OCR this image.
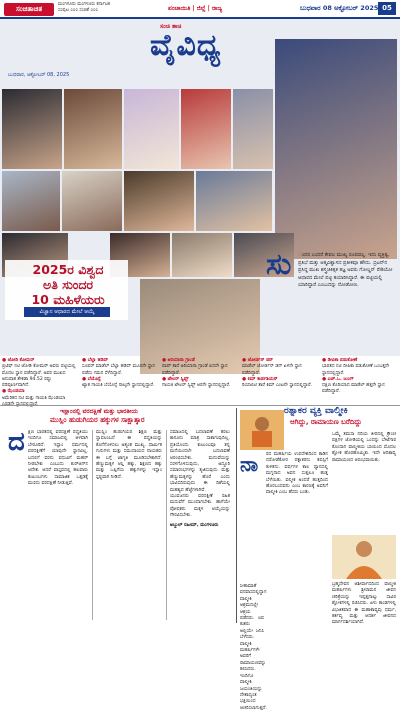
ಸಂಚಿತಾಚಿತ
ಮಂಗಳೂರು ಮಂಗಳೂರು ಕರ್ನಾಟಕ
ಸಂಪುಟ ೦೦೦ ಸಂಚಿಕೆ ೦೦೦	ಪಂಚಾಯಿತಿ | ಜಿಲ್ಲೆ | ರಾಜ್ಯ	ಬುಧವಾರ 08 ಅಕ್ಟೋಬರ್ 2025 05
ಸಂಚಿ ತಾಚಿ
ವೈವಿಧ್ಯ
ಬುಧವಾರ, ಅಕ್ಟೋಬರ್ 08, 2025
2025ರ ವಿಶ್ವದ
ಅತಿ ಸುಂದರ
10 ಮಹಿಳೆಯರು
ವಿಜ್ಞಾನ ಆಧಾರದ ಮೇಲೆ ಆಯ್ಕೆ
ಸು ಂದರ ಎಂದರೆ ಕೇವಲ ಮುಖ್ಯ ರೂಪವಲ್ಲ. ಇದು ವ್ಯಕ್ತಿತ್ವ, ಪ್ರತಿಭೆ ಮತ್ತು ಆತ್ಮವಿಶ್ವಾಸದ ಪ್ರತೀಕವೂ ಹೌದು. ಬ್ರಿಟನ್‌ನ ಪ್ರಸಿದ್ಧ ಮುಖ ಶಸ್ತ್ರಚಿಕಿತ್ಸಕ ತಜ್ಞ ಅವರು ಗೋಲ್ಡನ್ ರೇಶಿಯೋ ಆಧಾರದ ಮೇಲೆ ಪಟ್ಟಿ ತಯಾರಿಸಿದ್ದಾರೆ. ಈ ಪಟ್ಟಿಯಲ್ಲಿ ಯಾರಿದ್ದಾರೆ ಎಂಬುದನ್ನು ನೋಡೋಣ.
● ಜೋಡಿ ಕೋಮರ್
ಬ್ರಿಟಿಷ್ ನಟಿ ಜೋಡಿ ಕೋಮರ್ ಅವರು ಪಟ್ಟಿಯಲ್ಲಿ ಮೊದಲ ಸ್ಥಾನ ಪಡೆದಿದ್ದಾರೆ. ಅವರ ಮುಖದ ಅನುಪಾತ ಶೇಕಡಾ 94.52 ರಷ್ಟು ಪರಿಪೂರ್ಣವಾಗಿದೆ.
● ಝೆಂಡಯಾ
ಅಮೆರಿಕದ ನಟಿ ಮತ್ತು ಗಾಯಕಿ ಝೆಂಡಯಾ
● ಬೆಲ್ಲಾ ಹಡಿದ್
ಸೂಪರ್ ಮಾಡೆಲ್ ಬೆಲ್ಲಾ ಹಡಿದ್ ಮೂರನೇ ಸ್ಥಾನ ಪಡೆದು ಗಮನ ಸೆಳೆದಿದ್ದಾರೆ.
● ಬೆಯೊನ್ಸೆ
ಖ್ಯಾತ ಗಾಯಕಿ ಬೆಯೊನ್ಸೆ ನಾಲ್ಕನೇ ಸ್ಥಾನದಲ್ಲಿದ್ದಾರೆ.
● ಅರಿಯಾನಾ ಗ್ರಾಂಡೆ
ಪಾಪ್ ತಾರೆ ಅರಿಯಾನಾ ಗ್ರಾಂಡೆ ಐದನೇ ಸ್ಥಾನ ಪಡೆದಿದ್ದಾರೆ.
● ಟೇಲರ್ ಸ್ವಿಫ್ಟ್
ಗಾಯಕಿ ಟೇಲರ್ ಸ್ವಿಫ್ಟ್ ಆರನೇ ಸ್ಥಾನದಲ್ಲಿದ್ದಾರೆ.
● ಜೋರ್ಡನ್ ಡನ್
ಮಾಡೆಲ್ ಜೋರ್ಡನ್ ಡನ್ ಏಳನೇ ಸ್ಥಾನ ಪಡೆದಿದ್ದಾರೆ.
● ಕಿಮ್ ಕಾರ್ಡಶಿಯನ್
ರಿಯಾಲಿಟಿ ತಾರೆ ಕಿಮ್ ಎಂಟನೇ ಸ್ಥಾನದಲ್ಲಿದ್ದಾರೆ.
● ಡೀಪಿಕಾ ಪಡುಕೋಣೆ
ಭಾರತದ ನಟಿ ದೀಪಿಕಾ ಪಡುಕೋಣೆ ಒಂಬತ್ತನೇ ಸ್ಥಾನದಲ್ಲಿದ್ದಾರೆ.
● ಎಚ್.ಒ. ಜುಂಗ್
ದಕ್ಷಿಣ ಕೊರಿಯಾದ ಮಾಡೆಲ್ ಹತ್ತನೇ ಸ್ಥಾನ ಪಡೆದಿದ್ದಾರೆ.
ಇಸ್ಲಾಂನಲ್ಲಿ ವರದಕ್ಷಿಣೆ ಮತ್ತು ಭಾರತೀಯ
ಮುಸ್ಲಿಂ ಹುಡುಗಿಯರ ಹಕ್ಕುಗಳ ಸಾಕ್ಷಾತ್ಕಾರ
ದ ಕ್ಷಿಣ ಭಾರತದಲ್ಲಿ ವರದಕ್ಷಿಣೆ ಪದ್ಧತಿಯು ಇಂದಿಗೂ ಸಮಾಜದಲ್ಲಿ ಆಳವಾಗಿ ಬೇರೂರಿದೆ. ಇಸ್ಲಾಂ ಧರ್ಮದಲ್ಲಿ ವರದಕ್ಷಿಣೆಗೆ ಯಾವುದೇ ಸ್ಥಾನವಿಲ್ಲ. ಬದಲಿಗೆ ವರನು ವಧುವಿಗೆ ಮಹರ್ ನೀಡಬೇಕು ಎಂಬುದು ಕುರ್‌ಆನ್‌ನ ಆದೇಶ. ಆದರೆ ವಾಸ್ತವದಲ್ಲಿ ಹಲವಾರು ಕುಟುಂಬಗಳು ಸಾಮಾಜಿಕ ಒತ್ತಡಕ್ಕೆ ಮಣಿದು ವರದಕ್ಷಿಣೆ ನೀಡುತ್ತಿವೆ.
ಮುಸ್ಲಿಂ ಹುಡುಗಿಯರ ಶಿಕ್ಷಣ ಮತ್ತು ಸ್ವಾವಲಂಬನೆ ಈ ಪದ್ಧತಿಯನ್ನು ಕೊನೆಗೊಳಿಸಲು ಅತ್ಯಂತ ಮುಖ್ಯ. ಧಾರ್ಮಿಕ ಗುರುಗಳು ಮತ್ತು ಸಮುದಾಯದ ನಾಯಕರು ಈ ಬಗ್ಗೆ ಜಾಗೃತಿ ಮೂಡಿಸಬೇಕಾಗಿದೆ. ಹೆಣ್ಣುಮಕ್ಕಳ ಆಸ್ತಿ ಹಕ್ಕು, ಶಿಕ್ಷಣದ ಹಕ್ಕು ಮತ್ತು ಒಪ್ಪಿಗೆಯ ಹಕ್ಕುಗಳನ್ನು ಇಸ್ಲಾಂ ಸ್ಪಷ್ಟವಾಗಿ ನೀಡಿದೆ.
ಸಮಾಜದಲ್ಲಿ ಬದಲಾವಣೆ ತರಲು ಕಾನೂನು ಮಾತ್ರ ಸಾಕಾಗುವುದಿಲ್ಲ. ಪ್ರತಿಯೊಂದು ಕುಟುಂಬವೂ ತನ್ನ ಮನೆಯಿಂದಲೇ ಬದಲಾವಣೆ ಆರಂಭಿಸಬೇಕು. ಮದುವೆಯನ್ನು ಸರಳಗೊಳಿಸುವುದು, ಅದ್ದೂರಿ ಸಮಾರಂಭಗಳನ್ನು ತ್ಯಜಿಸುವುದು ಮತ್ತು ಹೆಣ್ಣುಮಕ್ಕಳನ್ನು ಹೊರೆ ಎಂದು ಭಾವಿಸದಿರುವುದು ಈ ದಿಶೆಯಲ್ಲಿ ಮಹತ್ವದ ಹೆಜ್ಜೆಗಳಾಗಿವೆ.
ಯುವಜನರು ವರದಕ್ಷಿಣೆ ರಹಿತ ಮದುವೆಗೆ ಮುಂದಾಗಬೇಕು. ಹಾಗೆಯೇ ಪೋಷಕರು ಮಕ್ಕಳ ಆಯ್ಕೆಯನ್ನು ಗೌರವಿಸಬೇಕು.
ಅಬ್ದುಲ್ ರಹೀಮ್, ಮಂಗಳೂರು
ರತ್ನಾಕರ ವ್ಯಕ್ತಿ ವಾಲ್ಮೀಕಿ
ಆಗಿದ್ದು, ರಾಮಾಯಣ ಬರೆದಿದ್ದು
ನಾ ರದ ಮಹರ್ಷಿಯ ಉಪದೇಶದಿಂದ ಕಾಡಿನ ದರೋಡೆಕೋರ ರತ್ನಾಕರನು ತಪಸ್ಸಿಗೆ ಕುಳಿತನು. ವರ್ಷಗಳ ಕಾಲ ಧ್ಯಾನದಲ್ಲಿ ಮಗ್ನನಾದ ಅವನ ಸುತ್ತಲೂ ಹುತ್ತ ಬೆಳೆಯಿತು. ವಲ್ಮೀಕ ಅಂದರೆ ಹುತ್ತದಿಂದ ಹೊರಬಂದವನು ಎಂಬ ಕಾರಣಕ್ಕೆ ಅವನಿಗೆ ವಾಲ್ಮೀಕಿ ಎಂಬ ಹೆಸರು ಬಂತು.
ಒಮ್ಮೆ ತಮಸಾ ನದಿಯ ತೀರದಲ್ಲಿ ಕ್ರೌಂಚ ಪಕ್ಷಿಗಳ ಜೋಡಿಯಲ್ಲಿ ಒಂದನ್ನು ಬೇಟೆಗಾರ ಕೊಂದಾಗ ವಾಲ್ಮೀಕಿಯ ಬಾಯಿಂದ ಮೊದಲ ಶ್ಲೋಕ ಹೊರಹೊಮ್ಮಿತು. ಇದೇ ಆದಿಕಾವ್ಯ ರಾಮಾಯಣದ ಆರಂಭವಾಯಿತು.
ಬ್ರಹ್ಮದೇವನ ಆಶೀರ್ವಾದದಿಂದ ವಾಲ್ಮೀಕಿ ಮಹರ್ಷಿಗಳು ಶ್ರೀರಾಮನ ಜೀವನ ಚರಿತ್ರೆಯನ್ನು ಇಪ್ಪತ್ತನಾಲ್ಕು ಸಾವಿರ ಶ್ಲೋಕಗಳಲ್ಲಿ ರಚಿಸಿದರು. ಏಳು ಕಾಂಡಗಳಲ್ಲಿ ವಿಭಜಿತವಾದ ಈ ಮಹಾಕಾವ್ಯವು ಧರ್ಮ, ಕರ್ತವ್ಯ ಮತ್ತು ಆದರ್ಶ ಜೀವನದ ಮಾರ್ಗದರ್ಶಿಯಾಗಿದೆ.
ಸೀತಾಮಾತೆ ವನವಾಸದಲ್ಲಿದ್ದಾಗ ವಾಲ್ಮೀಕಿ ಆಶ್ರಮದಲ್ಲೇ ಆಶ್ರಯ ಪಡೆದರು. ಲವ ಕುಶರು ಅಲ್ಲಿಯೇ ಜನಿಸಿ ಬೆಳೆದರು. ವಾಲ್ಮೀಕಿ ಮಹರ್ಷಿಗಳೇ ಅವರಿಗೆ ರಾಮಾಯಣವನ್ನು ಕಲಿಸಿದರು. ಇಂದಿಗೂ ವಾಲ್ಮೀಕಿ ಜಯಂತಿಯನ್ನು ದೇಶಾದ್ಯಂತ ಭಕ್ತಿಯಿಂದ ಆಚರಿಸಲಾಗುತ್ತದೆ.
